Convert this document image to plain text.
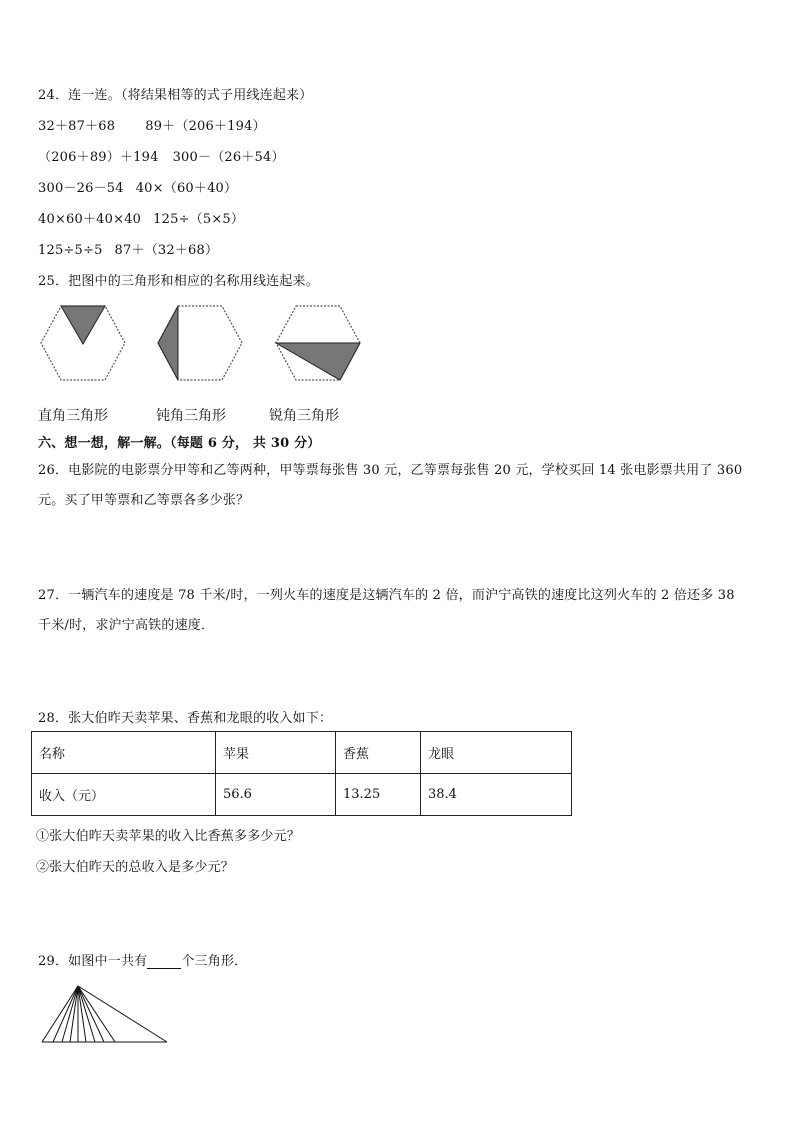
24．连一连。（将结果相等的式子用线连起来）
32＋87＋68 89＋（206＋194）
（206＋89）＋194 300－（26＋54）
300－26－54 40×（60＋40）
40×60＋40×40 125÷（5×5）
125÷5÷5 87＋（32＋68）
25．把图中的三角形和相应的名称用线连起来。
直角三角形	钝角三角形	锐角三角形
六、想一想，解一解。（每题 6 分， 共 30 分）
26．电影院的电影票分甲等和乙等两种，甲等票每张售 30 元，乙等票每张售 20 元，学校买回 14 张电影票共用了 360
元。买了甲等票和乙等票各多少张？
27．一辆汽车的速度是 78 千米/时，一列火车的速度是这辆汽车的 2 倍，而沪宁高铁的速度比这列火车的 2 倍还多 38
千米/时，求沪宁高铁的速度．
28．张大伯昨天卖苹果、香蕉和龙眼的收入如下：
名称	苹果	香蕉	龙眼
收入（元）	56.6	13.25	38.4
①张大伯昨天卖苹果的收入比香蕉多多少元？
②张大伯昨天的总收入是多少元？
29．如图中一共有	个三角形．
